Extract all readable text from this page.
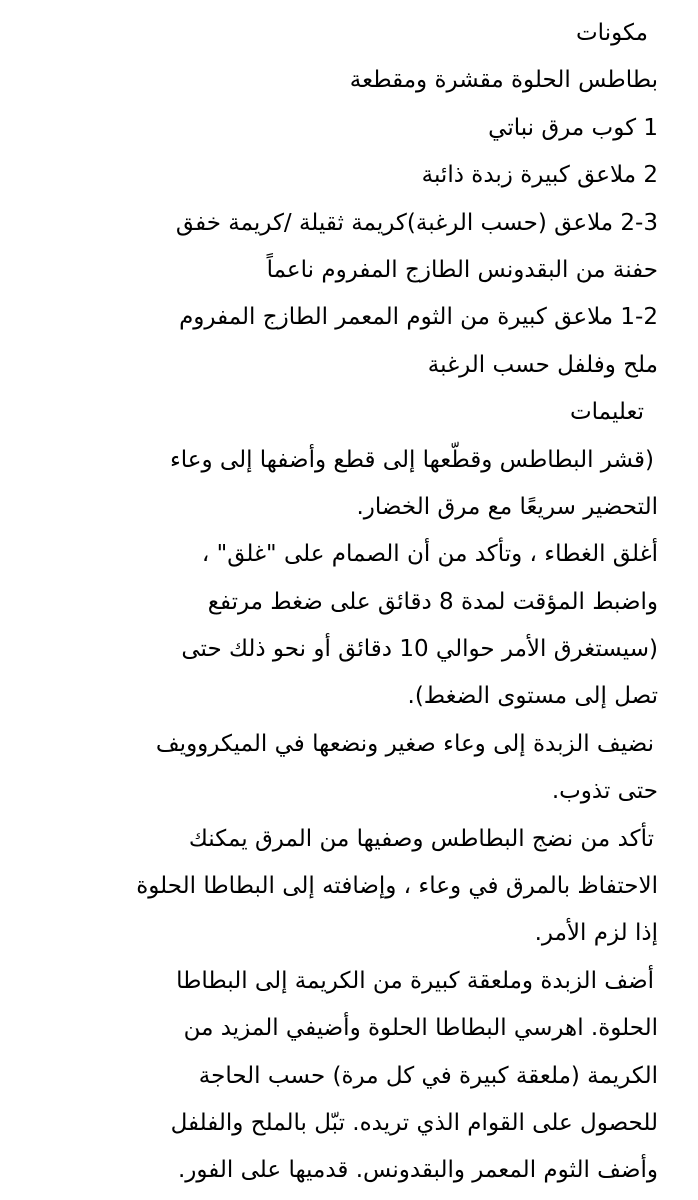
مكونات
بطاطس الحلوة مقشرة ومقطعة
1 كوب مرق نباتي
2 ملاعق كبيرة زبدة ذائبة
2-3 ملاعق (حسب الرغبة)كريمة ثقيلة /كريمة خفق
حفنة من البقدونس الطازج المفروم ناعماً
1-2 ملاعق كبيرة من الثوم المعمر الطازج المفروم
ملح وفلفل حسب الرغبة
تعليمات
(قشر البطاطس وقطّعها إلى قطع وأضفها إلى وعاء
التحضير سريعًا مع مرق الخضار.
أغلق الغطاء ، وتأكد من أن الصمام على "غلق" ،
واضبط المؤقت لمدة 8 دقائق على ضغط مرتفع
(سيستغرق الأمر حوالي 10 دقائق أو نحو ذلك حتى
تصل إلى مستوى الضغط).
نضيف الزبدة إلى وعاء صغير ونضعها في الميكروويف
حتى تذوب.
تأكد من نضج البطاطس وصفيها من المرق يمكنك
الاحتفاظ بالمرق في وعاء ، وإضافته إلى البطاطا الحلوة
إذا لزم الأمر.
أضف الزبدة وملعقة كبيرة من الكريمة إلى البطاطا
الحلوة. اهرسي البطاطا الحلوة وأضيفي المزيد من
الكريمة (ملعقة كبيرة في كل مرة) حسب الحاجة
للحصول على القوام الذي تريده. تبّل بالملح والفلفل
وأضف الثوم المعمر والبقدونس. قدميها على الفور.
